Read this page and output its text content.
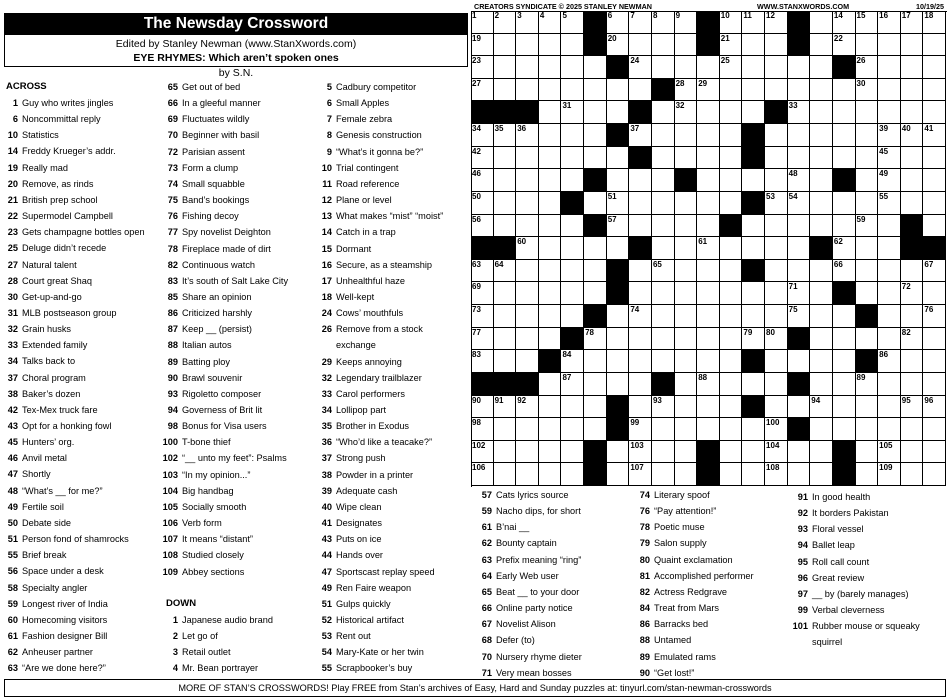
The Newsday Crossword
Edited by Stanley Newman (www.StanXwords.com)
EYE RHYMES: Which aren’t spoken ones
by S.N.
CREATORS SYNDICATE © 2025 STANLEY NEWMAN	WWW.STANXWORDS.COM	10/19/25
1 2 3 4 5	6 7 8 9	10 11 12	14 15 16 17 18
19	20	21	22
23	24	25	26
27	28 29	30
31	32	33
34 35 36	37	39 40 41
42	45
46	48	49
50	51	53 54	55
56	57	59
60	61	62
63 64	65	66	67
69	71	72
73	74	75	76
77	78	79 80	82
83	84	86
87	88	89
90 91 92	93	94	95 96
98	99	100
102	103	104	105
106	107	108	109
ACROSS
1 Guy who writes jingles
6 Noncommittal reply
10 Statistics
14 Freddy Krueger’s addr.
19 Really mad
20 Remove, as rinds
21 British prep school
22 Supermodel Campbell
23 Gets champagne bottles open
25 Deluge didn’t recede
27 Natural talent
28 Court great Shaq
30 Get-up-and-go
31 MLB postseason group
32 Grain husks
33 Extended family
34 Talks back to
37 Choral program
38 Baker’s dozen
42 Tex-Mex truck fare
43 Opt for a honking fowl
45 Hunters’ org.
46 Anvil metal
47 Shortly
48 “What’s __ for me?”
49 Fertile soil
50 Debate side
51 Person fond of shamrocks
55 Brief break
56 Space under a desk
58 Specialty angler
59 Longest river of India
60 Homecoming visitors
61 Fashion designer Bill
62 Anheuser partner
63 “Are we done here?”
65 Get out of bed
66 In a gleeful manner
69 Fluctuates wildly
70 Beginner with basil
72 Parisian assent
73 Form a clump
74 Small squabble
75 Band’s bookings
76 Fishing decoy
77 Spy novelist Deighton
78 Fireplace made of dirt
82 Continuous watch
83 It’s south of Salt Lake City
85 Share an opinion
86 Criticized harshly
87 Keep __ (persist)
88 Italian autos
89 Batting ploy
90 Brawl souvenir
93 Rigoletto composer
94 Governess of Brit lit
98 Bonus for Visa users
100 T-bone thief
102 “__ unto my feet”: Psalms
103 “In my opinion...”
104 Big handbag
105 Socially smooth
106 Verb form
107 It means “distant”
108 Studied closely
109 Abbey sections
DOWN
1 Japanese audio brand
2 Let go of
3 Retail outlet
4 Mr. Bean portrayer
5 Cadbury competitor
6 Small Apples
7 Female zebra
8 Genesis construction
9 “What’s it gonna be?”
10 Trial contingent
11 Road reference
12 Plane or level
13 What makes “mist” “moist”
14 Catch in a trap
15 Dormant
16 Secure, as a steamship
17 Unhealthful haze
18 Well-kept
24 Cows’ mouthfuls
26 Remove from a stock
exchange
29 Keeps annoying
32 Legendary trailblazer
33 Carol performers
34 Lollipop part
35 Brother in Exodus
36 “Who’d like a teacake?”
37 Strong push
38 Powder in a printer
39 Adequate cash
40 Wipe clean
41 Designates
43 Puts on ice
44 Hands over
47 Sportscast replay speed
49 Ren Faire weapon
51 Gulps quickly
52 Historical artifact
53 Rent out
54 Mary-Kate or her twin
55 Scrapbooker’s buy
57 Cats lyrics source
59 Nacho dips, for short
61 B’nai __
62 Bounty captain
63 Prefix meaning “ring”
64 Early Web user
65 Beat __ to your door
66 Online party notice
67 Novelist Alison
68 Defer (to)
70 Nursery rhyme dieter
71 Very mean bosses
74 Literary spoof
76 “Pay attention!”
78 Poetic muse
79 Salon supply
80 Quaint exclamation
81 Accomplished performer
82 Actress Redgrave
84 Treat from Mars
86 Barracks bed
88 Untamed
89 Emulated rams
90 “Get lost!”
91 In good health
92 It borders Pakistan
93 Floral vessel
94 Ballet leap
95 Roll call count
96 Great review
97 __ by (barely manages)
99 Verbal cleverness
101 Rubber mouse or squeaky
squirrel
MORE OF STAN’S CROSSWORDS! Play FREE from Stan’s archives of Easy, Hard and Sunday puzzles at: tinyurl.com/stan-newman-crosswords
